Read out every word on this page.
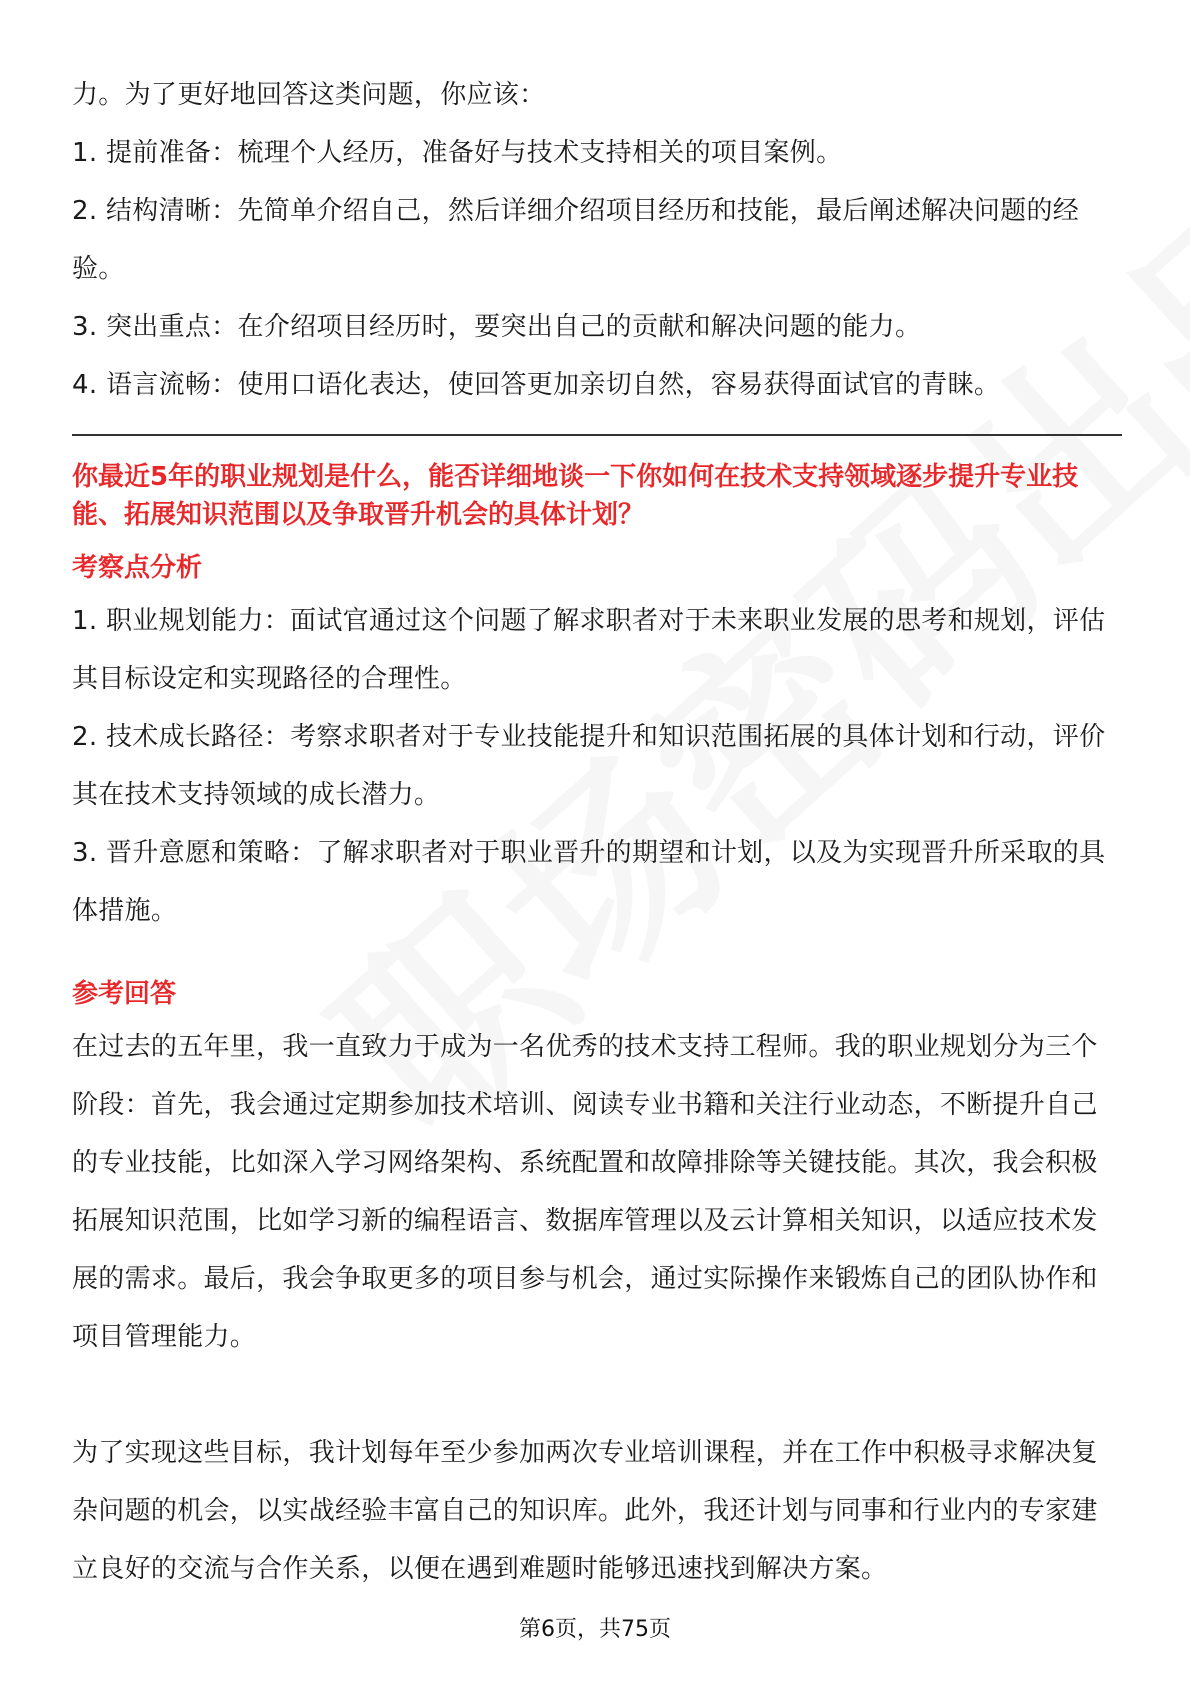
力。为了更好地回答这类问题，你应该：

1. 提前准备：梳理个人经历，准备好与技术支持相关的项目案例。

2. 结构清晰：先简单介绍自己，然后详细介绍项目经历和技能，最后阐述解决问题的经验。

3. 突出重点：在介绍项目经历时，要突出自己的贡献和解决问题的能力。

4. 语言流畅：使用口语化表达，使回答更加亲切自然，容易获得面试官的青睐。

你最近5年的职业规划是什么，能否详细地谈一下你如何在技术支持领域逐步提升专业技能、拓展知识范围以及争取晋升机会的具体计划？
考察点分析

1. 职业规划能力：面试官通过这个问题了解求职者对于未来职业发展的思考和规划，评估其目标设定和实现路径的合理性。

2. 技术成长路径：考察求职者对于专业技能提升和知识范围拓展的具体计划和行动，评价其在技术支持领域的成长潜力。

3. 晋升意愿和策略：了解求职者对于职业晋升的期望和计划，以及为实现晋升所采取的具体措施。

参考回答

在过去的五年里，我一直致力于成为一名优秀的技术支持工程师。我的职业规划分为三个阶段：首先，我会通过定期参加技术培训、阅读专业书籍和关注行业动态，不断提升自己的专业技能，比如深入学习网络架构、系统配置和故障排除等关键技能。其次，我会积极拓展知识范围，比如学习新的编程语言、数据库管理以及云计算相关知识，以适应技术发展的需求。最后，我会争取更多的项目参与机会，通过实际操作来锻炼自己的团队协作和项目管理能力。

为了实现这些目标，我计划每年至少参加两次专业培训课程，并在工作中积极寻求解决复杂问题的机会，以实战经验丰富自己的知识库。此外，我还计划与同事和行业内的专家建立良好的交流与合作关系，以便在遇到难题时能够迅速找到解决方案。

第6页，共75页
